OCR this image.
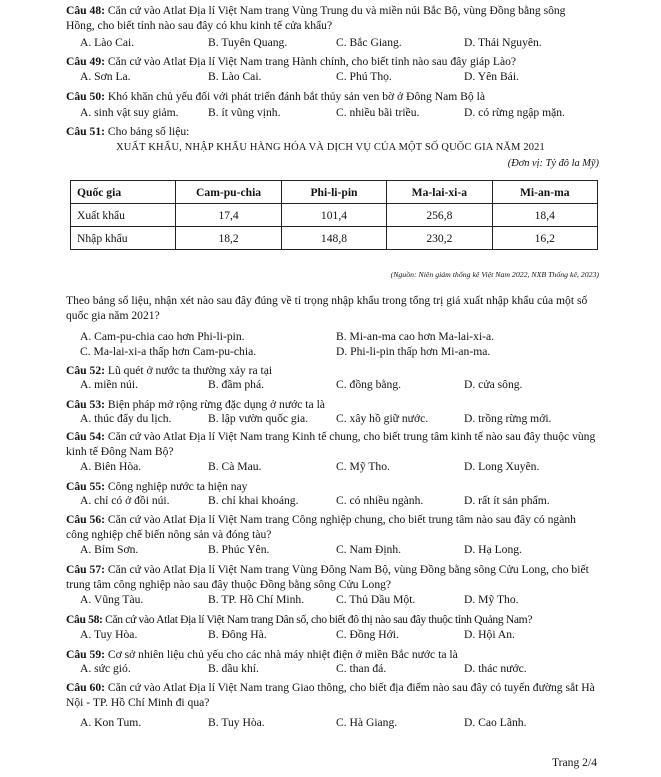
Câu 48: Căn cứ vào Atlat Địa lí Việt Nam trang Vùng Trung du và miền núi Bắc Bộ, vùng Đồng bằng sông Hồng, cho biết tỉnh nào sau đây có khu kinh tế cửa khẩu?
A. Lào Cai.	B. Tuyên Quang.	C. Bắc Giang.	D. Thái Nguyên.
Câu 49: Căn cứ vào Atlat Địa lí Việt Nam trang Hành chính, cho biết tỉnh nào sau đây giáp Lào?
A. Sơn La.	B. Lào Cai.	C. Phú Thọ.	D. Yên Bái.
Câu 50: Khó khăn chủ yếu đối với phát triển đánh bắt thủy sản ven bờ ở Đông Nam Bộ là
A. sinh vật suy giảm.	B. ít vũng vịnh.	C. nhiều bãi triều.	D. có rừng ngập mặn.
Câu 51: Cho bảng số liệu:
XUẤT KHẨU, NHẬP KHẨU HÀNG HÓA VÀ DỊCH VỤ CỦA MỘT SỐ QUỐC GIA NĂM 2021
(Đơn vị: Tỷ đô la Mỹ)
Quốc gia	Cam-pu-chia	Phi-li-pin	Ma-lai-xi-a	Mi-an-ma
Xuất khẩu	17,4	101,4	256,8	18,4
Nhập khẩu	18,2	148,8	230,2	16,2
(Nguồn: Niên giám thống kê Việt Nam 2022, NXB Thống kê, 2023)
Theo bảng số liệu, nhận xét nào sau đây đúng về tỉ trọng nhập khẩu trong tổng trị giá xuất nhập khẩu của một số quốc gia năm 2021?
A. Cam-pu-chia cao hơn Phi-li-pin.	B. Mi-an-ma cao hơn Ma-lai-xi-a.
C. Ma-lai-xi-a thấp hơn Cam-pu-chia.	D. Phi-li-pin thấp hơn Mi-an-ma.
Câu 52: Lũ quét ở nước ta thường xảy ra tại
A. miền núi.	B. đầm phá.	C. đồng bằng.	D. cửa sông.
Câu 53: Biện pháp mở rộng rừng đặc dụng ở nước ta là
A. thúc đẩy du lịch.	B. lập vườn quốc gia. C. xây hồ giữ nước.	D. trồng rừng mới.
Câu 54: Căn cứ vào Atlat Địa lí Việt Nam trang Kinh tế chung, cho biết trung tâm kinh tế nào sau đây thuộc vùng kinh tế Đông Nam Bộ?
A. Biên Hòa.	B. Cà Mau.	C. Mỹ Tho.	D. Long Xuyên.
Câu 55: Công nghiệp nước ta hiện nay
A. chỉ có ở đồi núi.	B. chỉ khai khoáng.	C. có nhiều ngành.	D. rất ít sản phẩm.
Câu 56: Căn cứ vào Atlat Địa lí Việt Nam trang Công nghiệp chung, cho biết trung tâm nào sau đây có ngành công nghiệp chế biến nông sản và đóng tàu?
A. Bỉm Sơn.	B. Phúc Yên.	C. Nam Định.	D. Hạ Long.
Câu 57: Căn cứ vào Atlat Địa lí Việt Nam trang Vùng Đông Nam Bộ, vùng Đồng bằng sông Cửu Long, cho biết trung tâm công nghiệp nào sau đây thuộc Đồng bằng sông Cửu Long?
A. Vũng Tàu.	B. TP. Hồ Chí Minh.	C. Thủ Dầu Một.	D. Mỹ Tho.
Câu 58: Căn cứ vào Atlat Địa lí Việt Nam trang Dân số, cho biết đô thị nào sau đây thuộc tỉnh Quảng Nam?
A. Tuy Hòa.	B. Đông Hà.	C. Đồng Hới.	D. Hội An.
Câu 59: Cơ sở nhiên liệu chủ yếu cho các nhà máy nhiệt điện ở miền Bắc nước ta là
A. sức gió.	B. dầu khí.	C. than đá.	D. thác nước.
Câu 60: Căn cứ vào Atlat Địa lí Việt Nam trang Giao thông, cho biết địa điểm nào sau đây có tuyến đường sắt Hà Nội - TP. Hồ Chí Minh đi qua?
A. Kon Tum.	B. Tuy Hòa.	C. Hà Giang.	D. Cao Lãnh.
Trang 2/4
